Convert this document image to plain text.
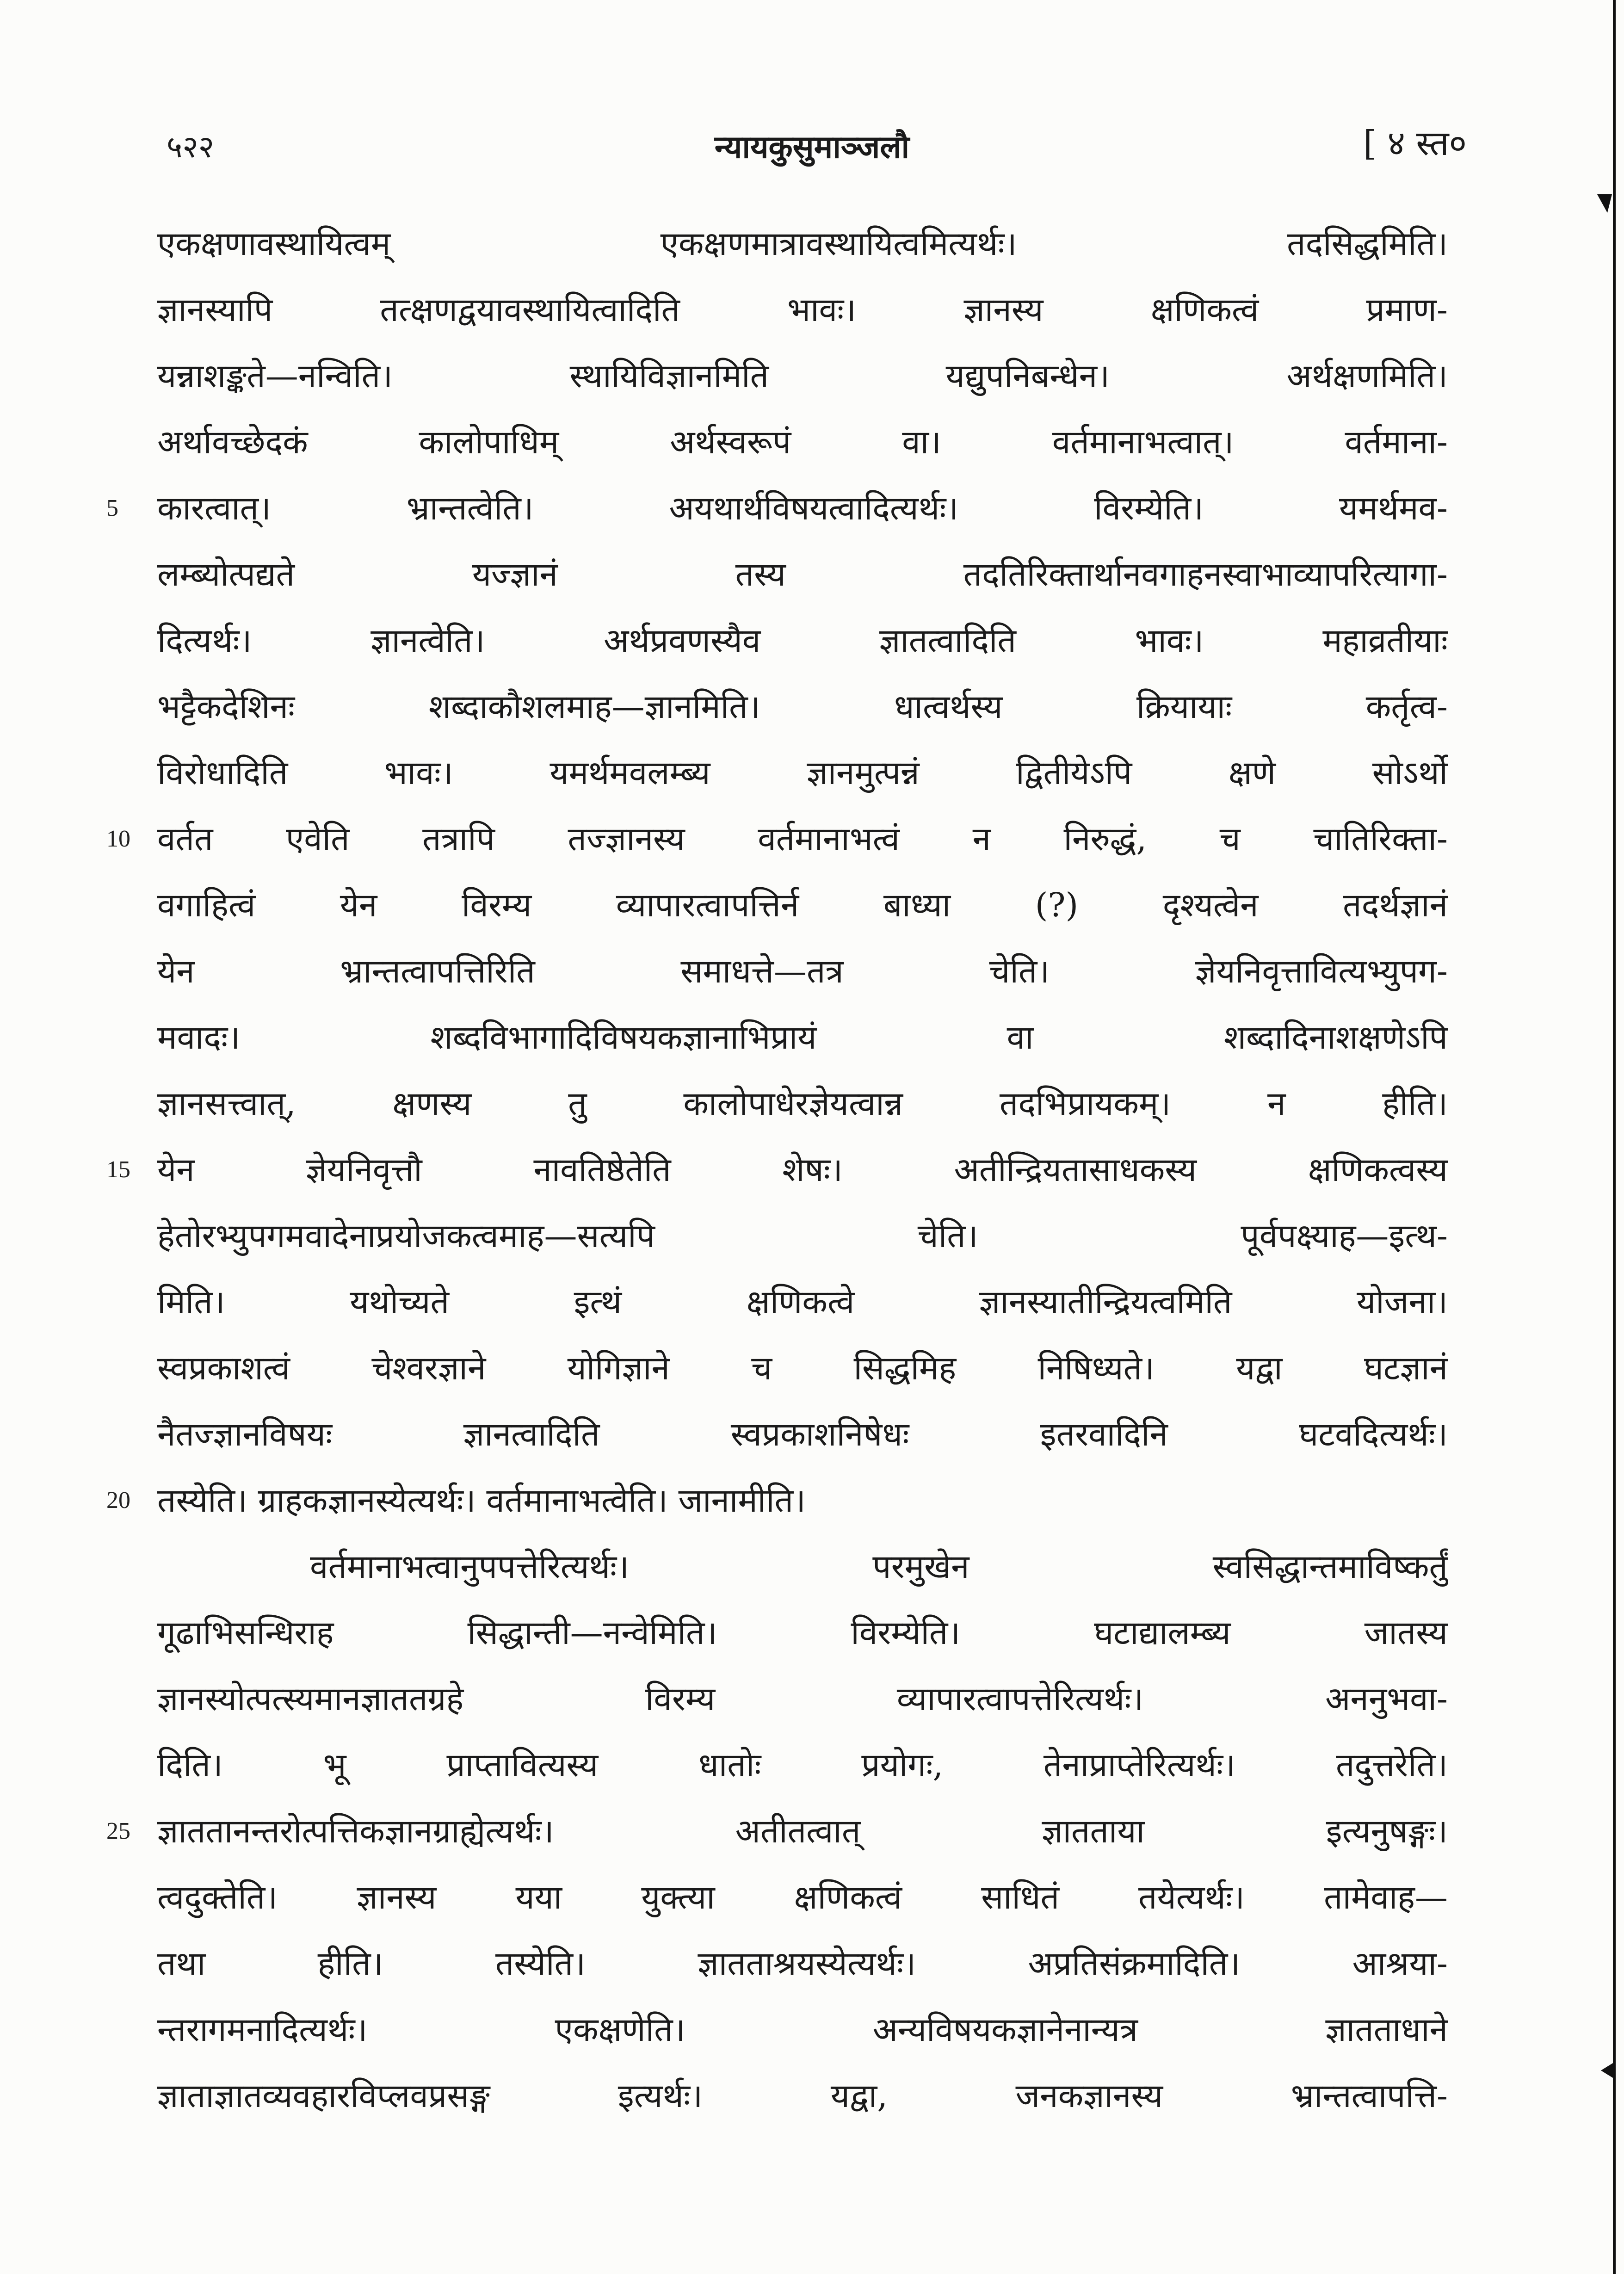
५२२	न्यायकुसुमाञ्जलौ	[ ४ स्त०
एकक्षणावस्थायित्वम् एकक्षणमात्रावस्थायित्वमित्यर्थः। तदसिद्धमिति।
ज्ञानस्यापि तत्क्षणद्वयावस्थायित्वादिति भावः। ज्ञानस्य क्षणिकत्वं प्रमाण-
यन्नाशङ्कते—नन्विति। स्थायिविज्ञानमिति यद्युपनिबन्धेन। अर्थक्षणमिति।
अर्थावच्छेदकं कालोपाधिम् अर्थस्वरूपं वा। वर्तमानाभत्वात्। वर्तमाना-
5 कारत्वात्। भ्रान्तत्वेति। अयथार्थविषयत्वादित्यर्थः। विरम्येति। यमर्थमव-
लम्ब्योत्पद्यते यज्ज्ञानं तस्य तदतिरिक्तार्थानवगाहनस्वाभाव्यापरित्यागा-
दित्यर्थः। ज्ञानत्वेति। अर्थप्रवणस्यैव ज्ञातत्वादिति भावः। महाव्रतीयाः
भट्टैकदेशिनः शब्दाकौशलमाह—ज्ञानमिति। धात्वर्थस्य क्रियायाः कर्तृत्व-
विरोधादिति भावः। यमर्थमवलम्ब्य ज्ञानमुत्पन्नं द्वितीयेऽपि क्षणे सोऽर्थो
10 वर्तत एवेति तत्रापि तज्ज्ञानस्य वर्तमानाभत्वं न निरुद्धं, च चातिरिक्ता-
वगाहित्वं येन विरम्य व्यापारत्वापत्तिर्न बाध्या (?) दृश्यत्वेन तदर्थज्ञानं
येन भ्रान्तत्वापत्तिरिति समाधत्ते—तत्र चेति। ज्ञेयनिवृत्तावित्यभ्युपग-
मवादः। शब्दविभागादिविषयकज्ञानाभिप्रायं वा शब्दादिनाशक्षणेऽपि
ज्ञानसत्त्वात्, क्षणस्य तु कालोपाधेरज्ञेयत्वान्न तदभिप्रायकम्। न हीति।
15 येन ज्ञेयनिवृत्तौ नावतिष्ठेतेति शेषः। अतीन्द्रियतासाधकस्य क्षणिकत्वस्य
हेतोरभ्युपगमवादेनाप्रयोजकत्वमाह—सत्यपि चेति। पूर्वपक्ष्याह—इत्थ-
मिति। यथोच्यते इत्थं क्षणिकत्वे ज्ञानस्यातीन्द्रियत्वमिति योजना।
स्वप्रकाशत्वं चेश्वरज्ञाने योगिज्ञाने च सिद्धमिह निषिध्यते। यद्वा घटज्ञानं
नैतज्ज्ञानविषयः ज्ञानत्वादिति स्वप्रकाशनिषेधः इतरवादिनि घटवदित्यर्थः।
20 तस्येति। ग्राहकज्ञानस्येत्यर्थः। वर्तमानाभत्वेति। जानामीति।
वर्तमानाभत्वानुपपत्तेरित्यर्थः। परमुखेन स्वसिद्धान्तमाविष्कर्तुं
गूढाभिसन्धिराह सिद्धान्ती—नन्वेमिति। विरम्येति। घटाद्यालम्ब्य जातस्य
ज्ञानस्योत्पत्स्यमानज्ञाततग्रहे विरम्य व्यापारत्वापत्तेरित्यर्थः। अननुभवा-
दिति। भू प्राप्तावित्यस्य धातोः प्रयोगः, तेनाप्राप्तेरित्यर्थः। तदुत्तरेति।
25 ज्ञाततानन्तरोत्पत्तिकज्ञानग्राह्येत्यर्थः। अतीतत्वात् ज्ञातताया इत्यनुषङ्गः।
त्वदुक्तेति। ज्ञानस्य यया युक्त्या क्षणिकत्वं साधितं तयेत्यर्थः। तामेवाह—
तथा हीति। तस्येति। ज्ञातताश्रयस्येत्यर्थः। अप्रतिसंक्रमादिति। आश्रया-
न्तरागमनादित्यर्थः। एकक्षणेति। अन्यविषयकज्ञानेनान्यत्र ज्ञातताधाने
ज्ञाताज्ञातव्यवहारविप्लवप्रसङ्ग इत्यर्थः। यद्वा, जनकज्ञानस्य भ्रान्तत्वापत्ति-
